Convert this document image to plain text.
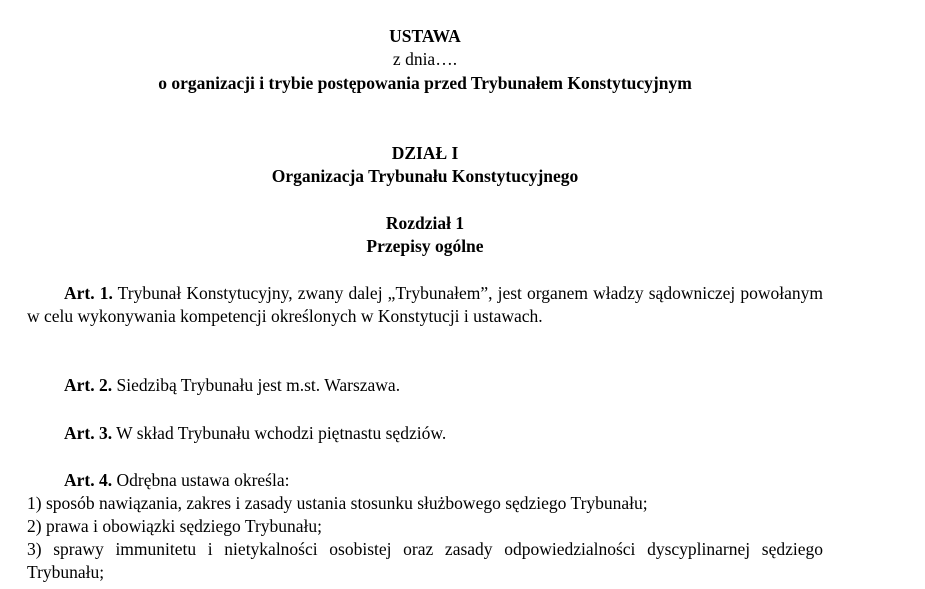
USTAWA
z dnia….
o organizacji i trybie postępowania przed Trybunałem Konstytucyjnym
DZIAŁ I
Organizacja Trybunału Konstytucyjnego
Rozdział 1
Przepisy ogólne

Art. 1. Trybunał Konstytucyjny, zwany dalej „Trybunałem”, jest organem władzy sądowniczej powołanym w celu wykonywania kompetencji określonych w Konstytucji i ustawach.

Art. 2. Siedzibą Trybunału jest m.st. Warszawa.

Art. 3. W skład Trybunału wchodzi piętnastu sędziów.

Art. 4. Odrębna ustawa określa:

1) sposób nawiązania, zakres i zasady ustania stosunku służbowego sędziego Trybunału;

2) prawa i obowiązki sędziego Trybunału;

3) sprawy immunitetu i nietykalności osobistej oraz zasady odpowiedzialności dyscyplinarnej sędziego Trybunału;
